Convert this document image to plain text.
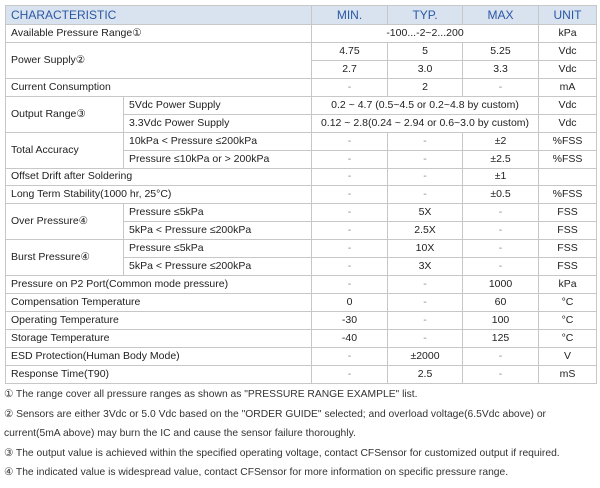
CHARACTERISTIC		MIN.	TYP.	MAX	UNIT
Available Pressure Range①		-100...-2~2...200			kPa
Power Supply②		4.75	5	5.25	Vdc
		2.7	3.0	3.3	Vdc
Current Consumption		-	2	-	mA
Output Range③	5Vdc Power Supply	0.2 ~ 4.7 (0.5~4.5 or 0.2~4.8 by custom)			Vdc
	3.3Vdc Power Supply	0.12 ~ 2.8(0.24 ~ 2.94 or 0.6~3.0 by custom)			Vdc
Total Accuracy	10kPa < Pressure ≤200kPa	-	-	±2	%FSS
	Pressure ≤10kPa or > 200kPa	-	-	±2.5	%FSS
Offset Drift after Soldering		-	-	±1	
Long Term Stability(1000 hr, 25°C)		-	-	±0.5	%FSS
Over Pressure④	Pressure ≤5kPa	-	5X	-	FSS
	5kPa < Pressure ≤200kPa	-	2.5X	-	FSS
Burst Pressure④	Pressure ≤5kPa	-	10X	-	FSS
	5kPa < Pressure ≤200kPa	-	3X	-	FSS
Pressure on P2 Port(Common mode pressure)		-	-	1000	kPa
Compensation Temperature		0	-	60	°C
Operating Temperature		-30	-	100	°C
Storage Temperature		-40	-	125	°C
ESD Protection(Human Body Mode)		-	±2000	-	V
Response Time(T90)		-	2.5	-	mS
① The range cover all pressure ranges as shown as "PRESSURE RANGE EXAMPLE" list.
② Sensors are either 3Vdc or 5.0 Vdc based on the "ORDER GUIDE" selected; and overload voltage(6.5Vdc above) or
current(5mA above) may burn the IC and cause the sensor failure thoroughly.
③ The output value is achieved within the specified operating voltage, contact CFSensor for customized output if required.
④ The indicated value is widespread value, contact CFSensor for more information on specific pressure range.
